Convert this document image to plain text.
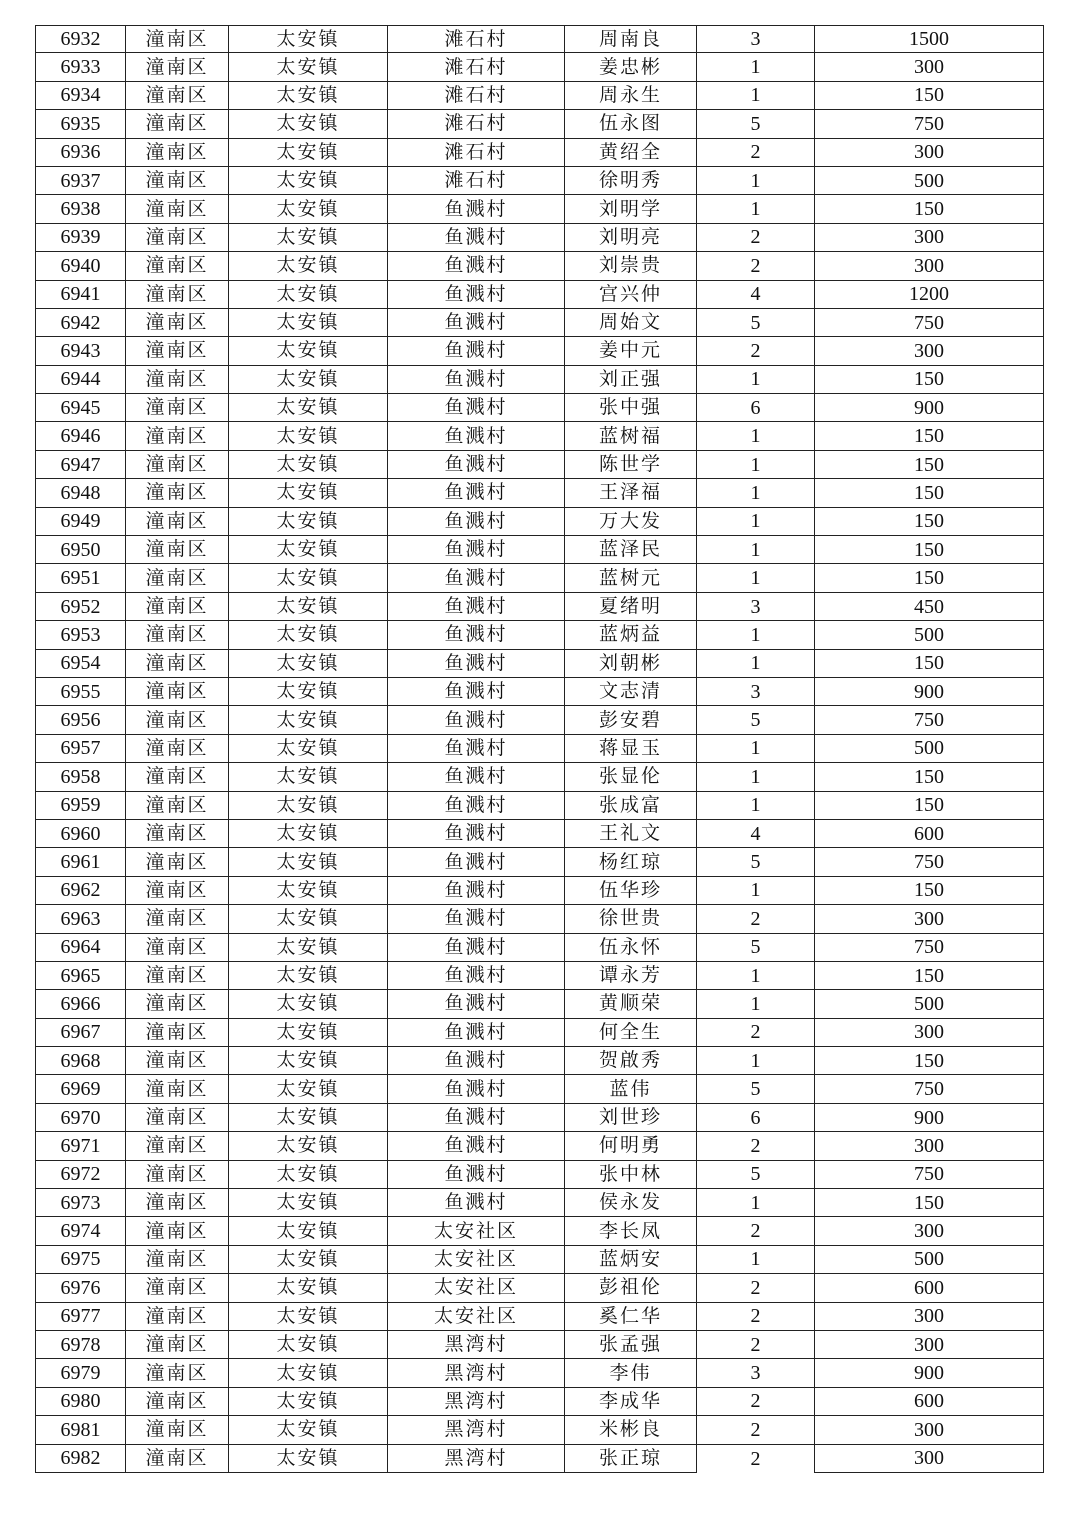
6932	潼南区	太安镇	滩石村	周南良	3	1500
6933	潼南区	太安镇	滩石村	姜忠彬	1	300
6934	潼南区	太安镇	滩石村	周永生	1	150
6935	潼南区	太安镇	滩石村	伍永图	5	750
6936	潼南区	太安镇	滩石村	黄绍全	2	300
6937	潼南区	太安镇	滩石村	徐明秀	1	500
6938	潼南区	太安镇	鱼溅村	刘明学	1	150
6939	潼南区	太安镇	鱼溅村	刘明亮	2	300
6940	潼南区	太安镇	鱼溅村	刘崇贵	2	300
6941	潼南区	太安镇	鱼溅村	宫兴仲	4	1200
6942	潼南区	太安镇	鱼溅村	周始文	5	750
6943	潼南区	太安镇	鱼溅村	姜中元	2	300
6944	潼南区	太安镇	鱼溅村	刘正强	1	150
6945	潼南区	太安镇	鱼溅村	张中强	6	900
6946	潼南区	太安镇	鱼溅村	蓝树福	1	150
6947	潼南区	太安镇	鱼溅村	陈世学	1	150
6948	潼南区	太安镇	鱼溅村	王泽福	1	150
6949	潼南区	太安镇	鱼溅村	万大发	1	150
6950	潼南区	太安镇	鱼溅村	蓝泽民	1	150
6951	潼南区	太安镇	鱼溅村	蓝树元	1	150
6952	潼南区	太安镇	鱼溅村	夏绪明	3	450
6953	潼南区	太安镇	鱼溅村	蓝炳益	1	500
6954	潼南区	太安镇	鱼溅村	刘朝彬	1	150
6955	潼南区	太安镇	鱼溅村	文志清	3	900
6956	潼南区	太安镇	鱼溅村	彭安碧	5	750
6957	潼南区	太安镇	鱼溅村	蒋显玉	1	500
6958	潼南区	太安镇	鱼溅村	张显伦	1	150
6959	潼南区	太安镇	鱼溅村	张成富	1	150
6960	潼南区	太安镇	鱼溅村	王礼文	4	600
6961	潼南区	太安镇	鱼溅村	杨红琼	5	750
6962	潼南区	太安镇	鱼溅村	伍华珍	1	150
6963	潼南区	太安镇	鱼溅村	徐世贵	2	300
6964	潼南区	太安镇	鱼溅村	伍永怀	5	750
6965	潼南区	太安镇	鱼溅村	谭永芳	1	150
6966	潼南区	太安镇	鱼溅村	黄顺荣	1	500
6967	潼南区	太安镇	鱼溅村	何全生	2	300
6968	潼南区	太安镇	鱼溅村	贺啟秀	1	150
6969	潼南区	太安镇	鱼溅村	蓝伟	5	750
6970	潼南区	太安镇	鱼溅村	刘世珍	6	900
6971	潼南区	太安镇	鱼溅村	何明勇	2	300
6972	潼南区	太安镇	鱼溅村	张中林	5	750
6973	潼南区	太安镇	鱼溅村	侯永发	1	150
6974	潼南区	太安镇	太安社区	李长凤	2	300
6975	潼南区	太安镇	太安社区	蓝炳安	1	500
6976	潼南区	太安镇	太安社区	彭祖伦	2	600
6977	潼南区	太安镇	太安社区	奚仁华	2	300
6978	潼南区	太安镇	黑湾村	张孟强	2	300
6979	潼南区	太安镇	黑湾村	李伟	3	900
6980	潼南区	太安镇	黑湾村	李成华	2	600
6981	潼南区	太安镇	黑湾村	米彬良	2	300
6982	潼南区	太安镇	黑湾村	张正琼	2	300
